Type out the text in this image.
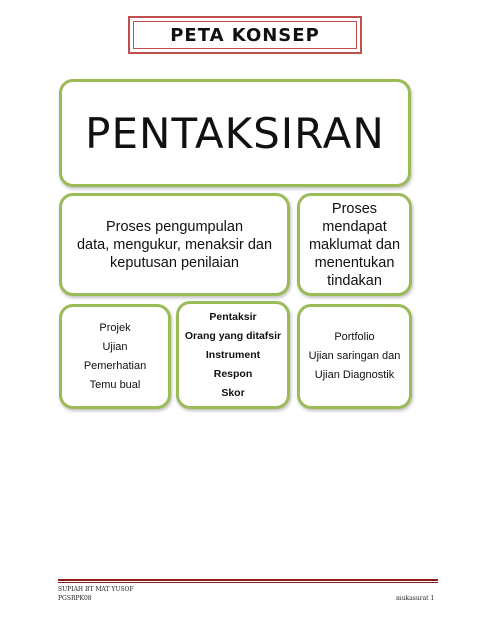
PETA KONSEP
PENTAKSIRAN
Proses pengumpulan
data, mengukur, menaksir dan
keputusan penilaian
Proses
mendapat
maklumat dan
menentukan
tindakan
Projek
Ujian
Pemerhatian
Temu bual
Pentaksir
Orang yang ditafsir
Instrument
Respon
Skor
Portfolio
Ujian saringan dan
Ujian Diagnostik
SUPIAH BT MAT YUSOF
PGSRPK08	mukasurat 1
